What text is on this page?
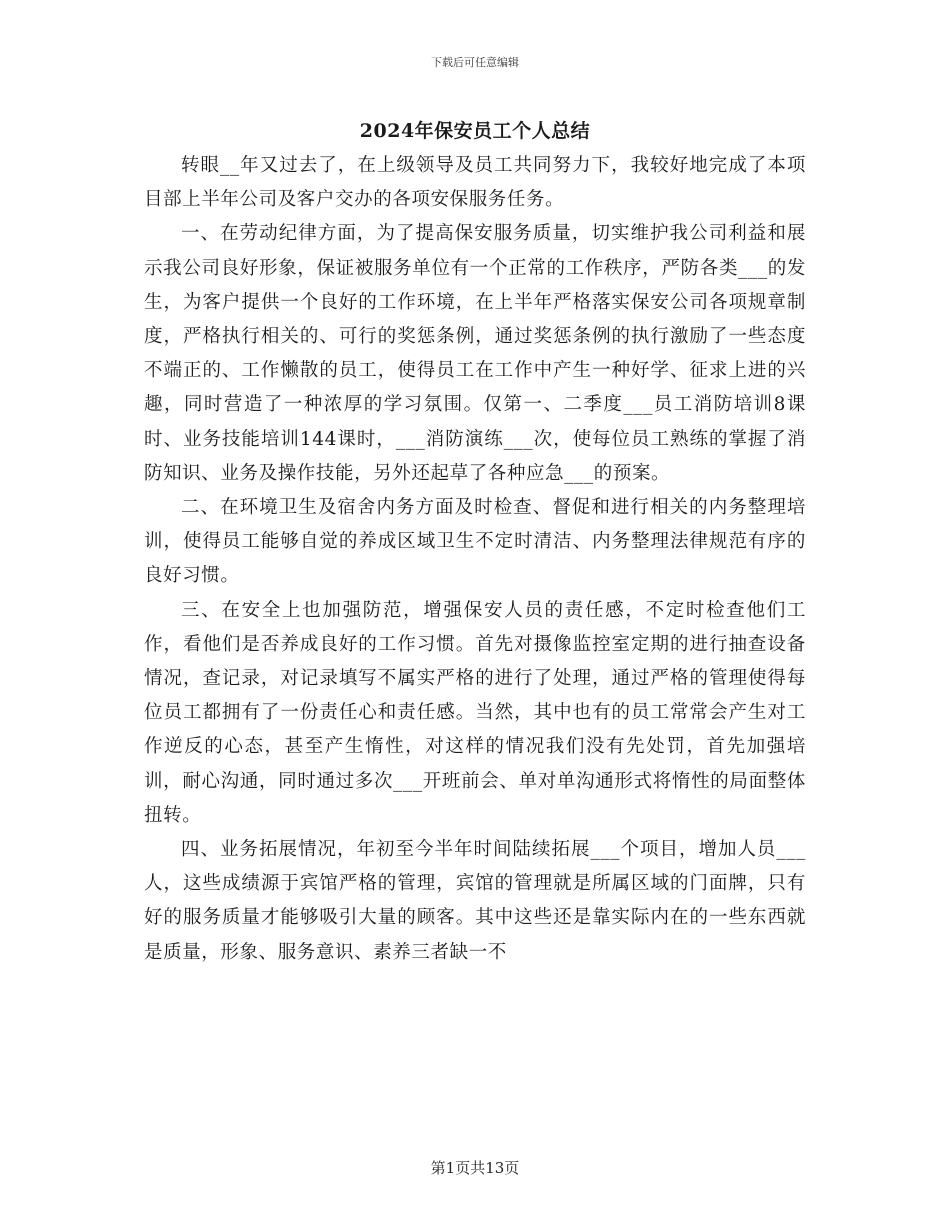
下载后可任意编辑
2024年保安员工个人总结

转眼__年又过去了，在上级领导及员工共同努力下，我较好地完成了本项目部上半年公司及客户交办的各项安保服务任务。

一、在劳动纪律方面，为了提高保安服务质量，切实维护我公司利益和展示我公司良好形象，保证被服务单位有一个正常的工作秩序，严防各类___的发生，为客户提供一个良好的工作环境，在上半年严格落实保安公司各项规章制度，严格执行相关的、可行的奖惩条例，通过奖惩条例的执行激励了一些态度不端正的、工作懒散的员工，使得员工在工作中产生一种好学、征求上进的兴趣，同时营造了一种浓厚的学习氛围。仅第一、二季度___员工消防培训8课时、业务技能培训144课时，___消防演练___次，使每位员工熟练的掌握了消防知识、业务及操作技能，另外还起草了各种应急___的预案。

二、在环境卫生及宿舍内务方面及时检查、督促和进行相关的内务整理培训，使得员工能够自觉的养成区域卫生不定时清洁、内务整理法律规范有序的良好习惯。

三、在安全上也加强防范，增强保安人员的责任感，不定时检查他们工作，看他们是否养成良好的工作习惯。首先对摄像监控室定期的进行抽查设备情况，查记录，对记录填写不属实严格的进行了处理，通过严格的管理使得每位员工都拥有了一份责任心和责任感。当然，其中也有的员工常常会产生对工作逆反的心态，甚至产生惰性，对这样的情况我们没有先处罚，首先加强培训，耐心沟通，同时通过多次___开班前会、单对单沟通形式将惰性的局面整体扭转。

四、业务拓展情况，年初至今半年时间陆续拓展___个项目，增加人员___人，这些成绩源于宾馆严格的管理，宾馆的管理就是所属区域的门面牌，只有好的服务质量才能够吸引大量的顾客。其中这些还是靠实际内在的一些东西就是质量，形象、服务意识、素养三者缺一不

第1页共13页
